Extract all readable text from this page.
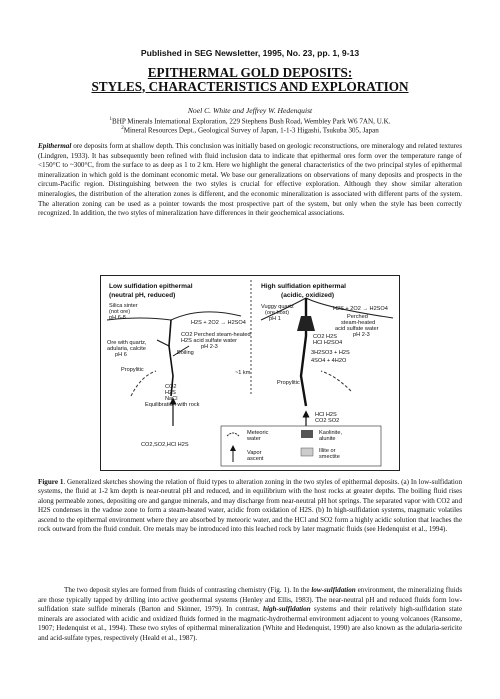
Published in SEG Newsletter, 1995, No. 23, pp. 1, 9-13
EPITHERMAL GOLD DEPOSITS:
STYLES, CHARACTERISTICS AND EXPLORATION
Noel C. White and Jeffrey W. Hedenquist
$^1$BHP Minerals International Exploration, 229 Stephens Bush Road, Wembley Park W6 7AN, U.K.
$^2$Mineral Resources Dept., Geological Survey of Japan, 1-1-3 Higashi, Tsukuba 305, Japan
Epithermal ore deposits form at shallow depth. This conclusion was initially based on geologic reconstructions, ore mineralogy and related textures (Lindgren, 1933). It has subsequently been refined with fluid inclusion data to indicate that epithermal ores form over the temperature range of <150°C to ~300°C, from the surface to as deep as 1 to 2 km. Here we highlight the general characteristics of the two principal styles of epithermal mineralization in which gold is the dominant economic metal. We base our generalizations on observations of many deposits and prospects in the circum-Pacific region. Distinguishing between the two styles is crucial for effective exploration. Although they show similar alteration mineralogies, the distribution of the alteration zones is different, and the economic mineralization is associated with different parts of the system. The alteration zoning can be used as a pointer towards the most prospective part of the system, but only when the style has been correctly recognized. In addition, the two styles of mineralization have differences in their geochemical associations.
Low sulfidation epithermal
(neutral pH, reduced)
Silica sinter
(not ore)
pH 6-8
H2S + 2O2 → H2SO4
CO2 Perched steam-heated
H2S acid sulfate water
pH 2-3
Ore with quartz,
adularia, calcite
pH 6	Boiling
Propylitic
CO2
H2S
NaCl
Equilibration with rock
CO2,SO2,HCl H2S
High sulfidation epithermal
(acidic, oxidized)
Vuggy quartz
(ore host)
pH 1
H2S + 2O2 → H2SO4
Perched
steam-heated
acid sulfate water
pH 2-3
CO2 H2S
HCl H2SO4
3H2SO3 + H2S
4SO4 + 4H2O
~1 km
Propylitic
HCl H2S
CO2 SO2
Meteoric
water
Vapor
ascent
Kaolinite,
alunite
Illite or
smectite
Figure 1. Generalized sketches showing the relation of fluid types to alteration zoning in the two styles of epithermal deposits. (a) In low-sulfidation systems, the fluid at 1-2 km depth is near-neutral pH and reduced, and in equilibrium with the host rocks at greater depths. The boiling fluid rises along permeable zones, depositing ore and gangue minerals, and may discharge from near-neutral pH hot springs. The separated vapor with CO2 and H2S condenses in the vadose zone to form a steam-heated water, acidic from oxidation of H2S. (b) In high-sulfidation systems, magmatic volatiles ascend to the epithermal environment where they are absorbed by meteoric water, and the HCl and SO2 form a highly acidic solution that leaches the rock outward from the fluid conduit. Ore metals may be introduced into this leached rock by later magmatic fluids (see Hedenquist et al., 1994).
The two deposit styles are formed from fluids of contrasting chemistry (Fig. 1). In the low-sulfidation environment, the mineralizing fluids are those typically tapped by drilling into active geothermal systems (Henley and Ellis, 1983). The near-neutral pH and reduced fluids form low-sulfidation state sulfide minerals (Barton and Skinner, 1979). In contrast, high-sulfidation systems and their relatively high-sulfidation state minerals are associated with acidic and oxidized fluids formed in the magmatic-hydrothermal environment adjacent to young volcanoes (Ransome, 1907; Hedenquist et al., 1994). These two styles of epithermal mineralization (White and Hedenquist, 1990) are also known as the adularia-sericite and acid-sulfate types, respectively (Heald et al., 1987).
